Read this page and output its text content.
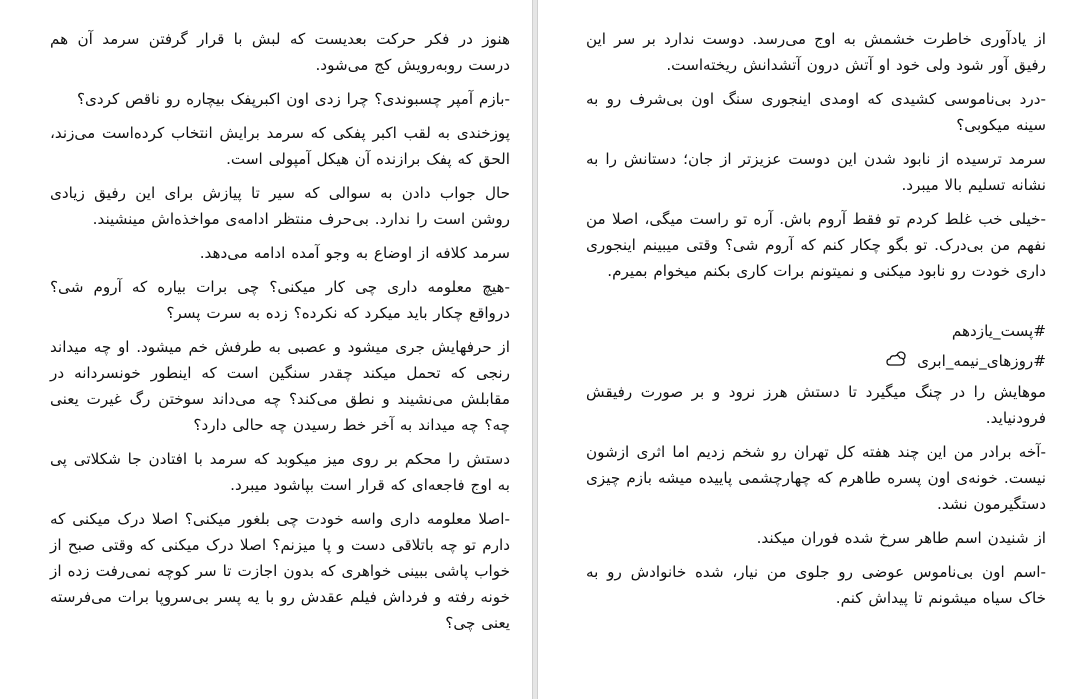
هنوز در فکر حرکت بعدیست که لبش با قرار گرفتن سرمد آن هم درست روبه‌رویش کج می‌شود.

-بازم آمپر چسبوندی؟ چرا زدی اون اکبرپفک بیچاره رو ناقص کردی؟

پوزخندی به لقب اکبر پفکی که سرمد برایش انتخاب کرده‌است می‌زند، الحق که پفک برازنده آن هیکل آمپولی است.

حال جواب دادن به سوالی که سیر تا پیازش برای این رفیق زیادی روشن است را ندارد. بی‌حرف منتظر ادامه‌ی مواخذه‌اش مینشیند.

سرمد کلافه از اوضاع به وجو آمده ادامه می‌دهد.

-هیچ معلومه داری چی کار میکنی؟ چی برات بیاره که آروم شی؟ درواقع چکار باید میکرد که نکرده؟ زده به سرت پسر؟

از حرفهایش جری میشود و عصبی به طرفش خم میشود. او چه میداند رنجی که تحمل میکند چقدر سنگین است که اینطور خونسردانه در مقابلش می‌نشیند و نطق می‌کند؟ چه می‌داند سوختن رگ غیرت یعنی چه؟ چه میداند به آخر خط رسیدن چه حالی دارد؟

دستش را محکم بر روی میز میکوبد که سرمد با افتادن جا شکلاتی پی به اوج فاجعه‌ای که قرار است بپاشود میبرد.

-اصلا معلومه داری واسه خودت چی بلغور میکنی؟ اصلا درک میکنی که دارم تو چه باتلاقی دست و پا میزنم؟ اصلا درک میکنی که وقتی صبح از خواب پاشی ببینی خواهری که بدون اجازت تا سر کوچه نمی‌رفت زده از خونه رفته و فرداش فیلم عقدش رو با یه پسر بی‌سروپا برات می‌فرسته یعنی چی؟

از یادآوری خاطرت خشمش به اوج می‌رسد. دوست ندارد بر سر این رفیق آور شود ولی خود او آتش درون آتشدانش ریخته‌است.

-درد بی‌ناموسی کشیدی که اومدی اینجوری سنگ اون بی‌شرف رو به سینه میکوبی؟

سرمد ترسیده از نابود شدن این دوست عزیزتر از جان؛ دستانش را به نشانه تسلیم بالا میبرد.

-خیلی خب غلط کردم تو فقط آروم باش. آره تو راست میگی، اصلا من نفهم من بی‌درک. تو بگو چکار کنم که آروم شی؟ وقتی میبینم اینجوری داری خودت رو نابود میکنی و نمیتونم برات کاری بکنم میخوام بمیرم.

#پست_یازدهم

#روزهای_نیمه_ابری

موهایش را در چنگ میگیرد تا دستش هرز نرود و بر صورت رفیقش فرودنیاید.

-آخه برادر من این چند هفته کل تهران رو شخم زدیم اما اثری ازشون نیست. خونه‌ی اون پسره طاهرم که چهارچشمی پاییده میشه بازم چیزی دستگیرمون نشد.

از شنیدن اسم طاهر سرخ شده فوران میکند.

-اسم اون بی‌ناموس عوضی رو جلوی من نیار، شده خانوادش رو به خاک سیاه میشونم تا پیداش کنم.
